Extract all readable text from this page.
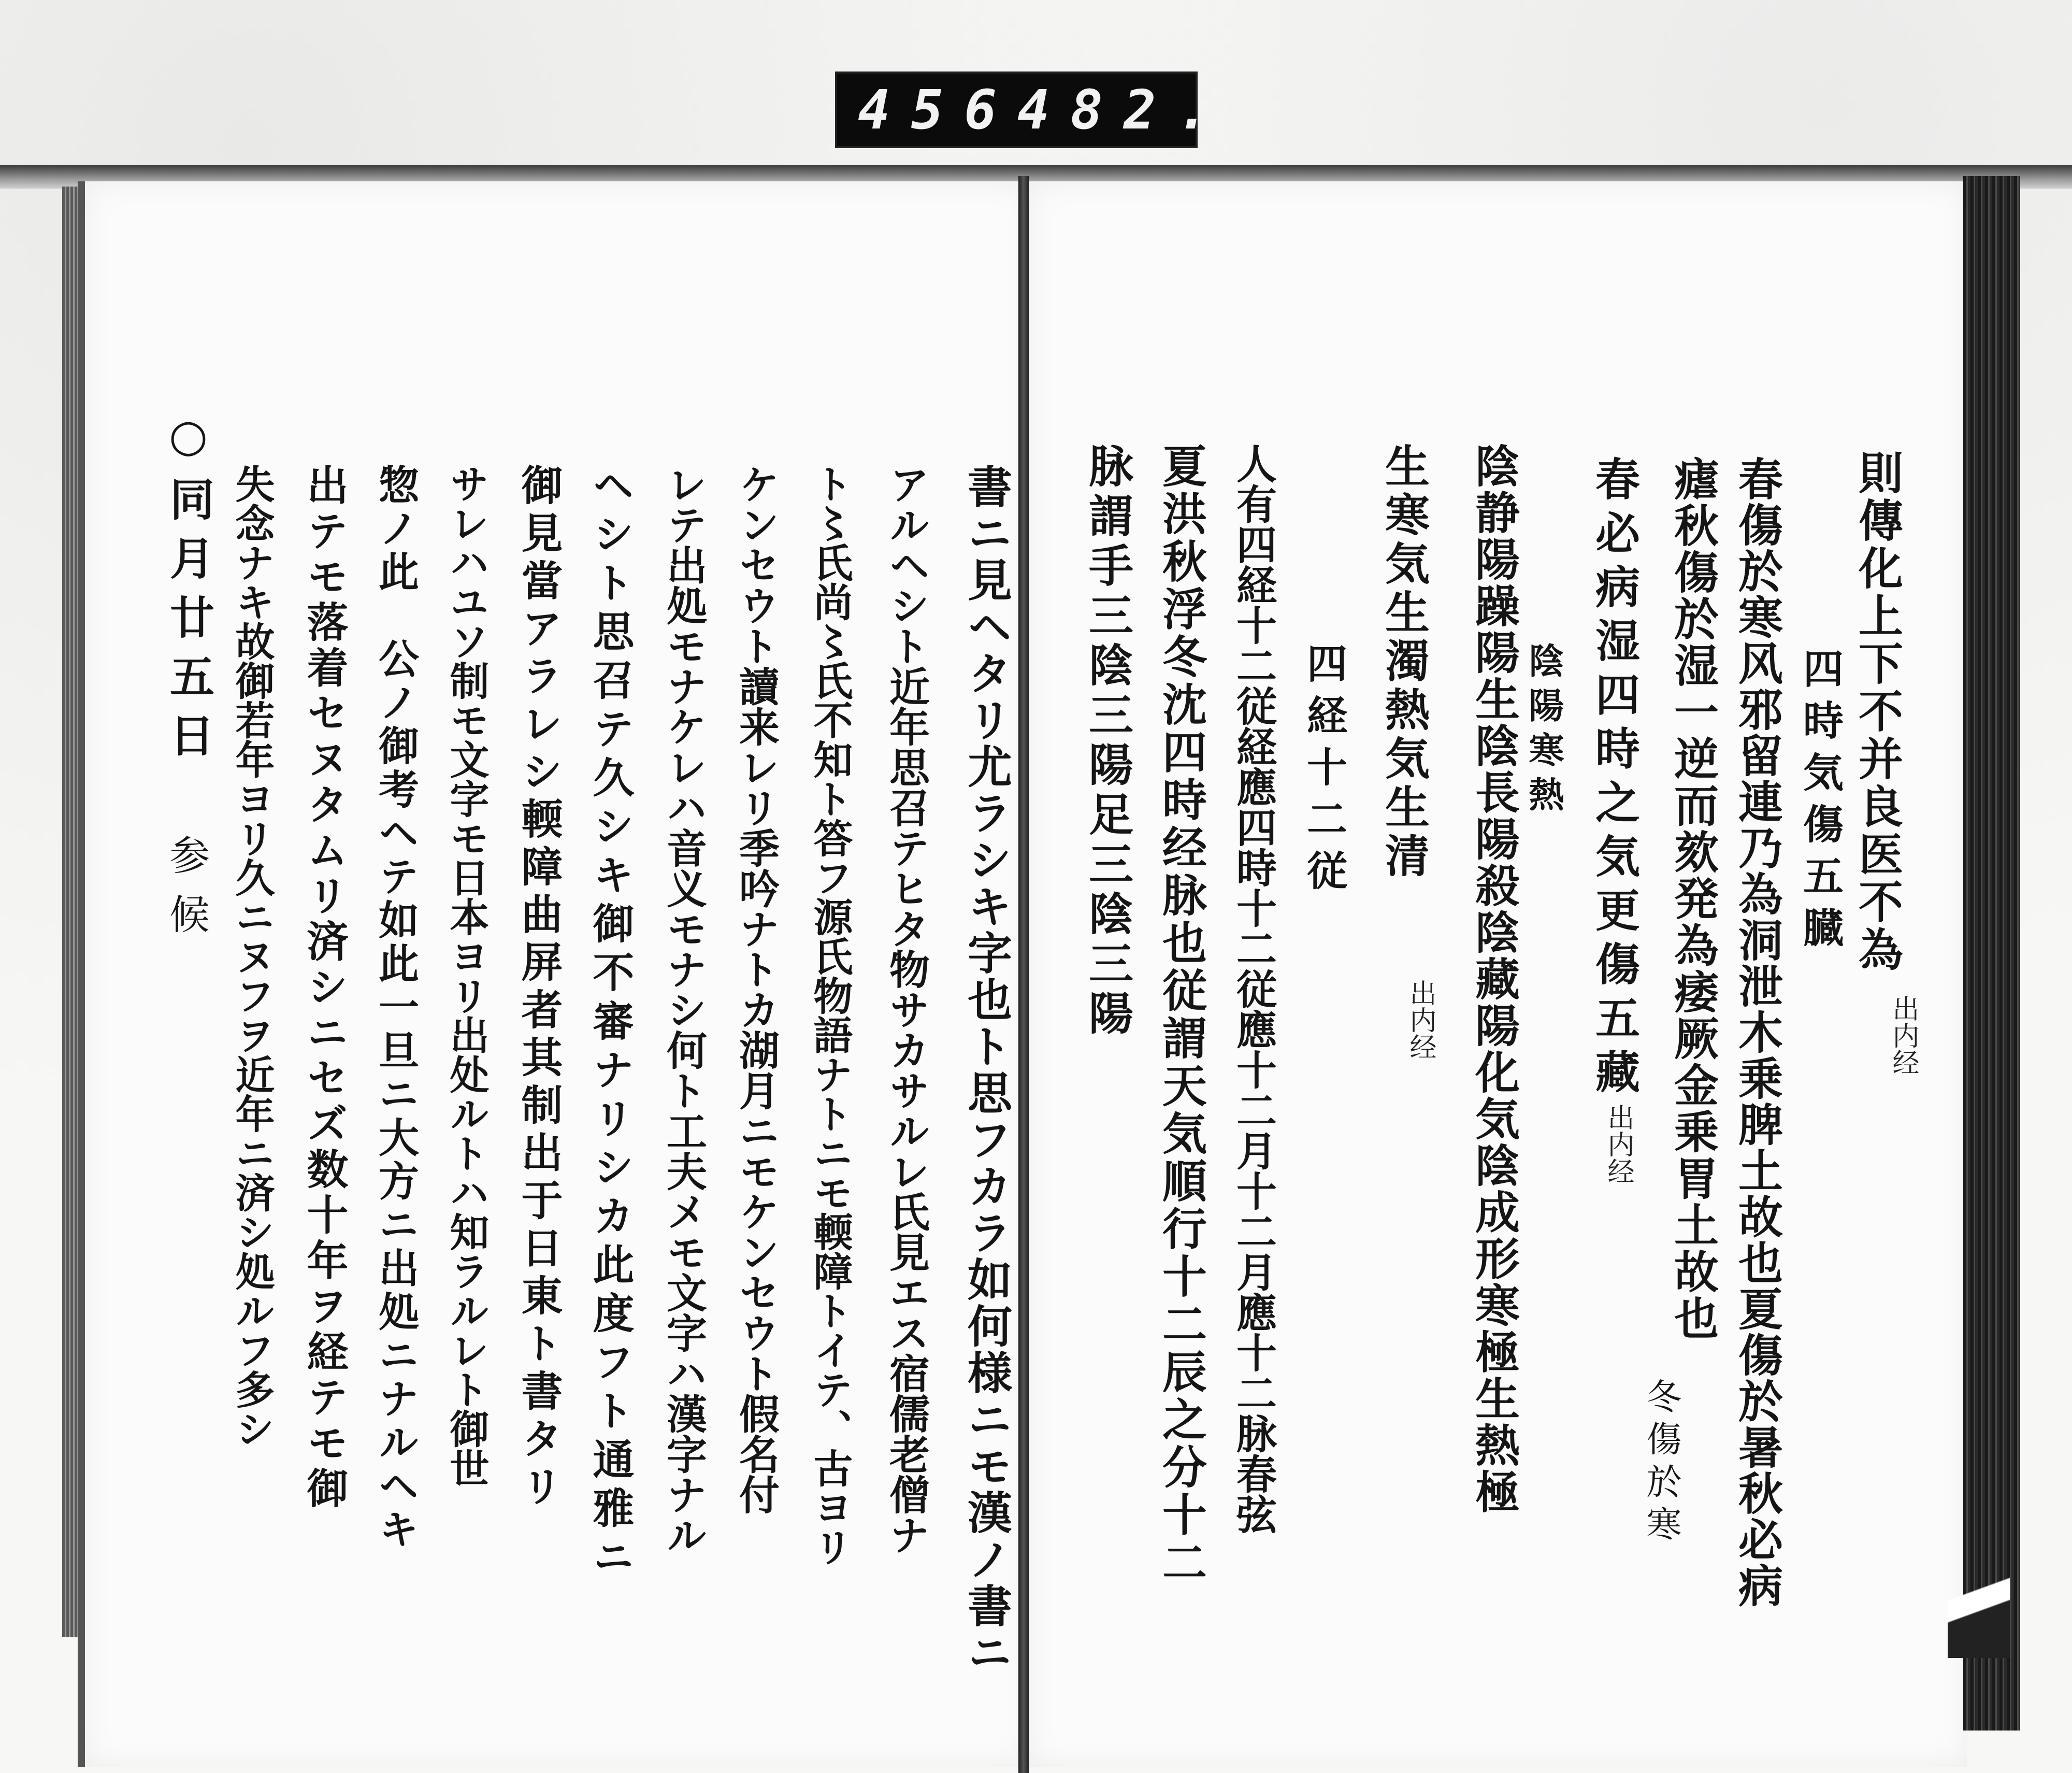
456 482.
則傳化上下不并良医不為
出内经
四時気傷五臓
春傷於寒风邪留連乃為洞泄木乗脾土故也夏傷於暑秋必病
瘧秋傷於湿一逆而欬発為痿厥金乗胃土故也
冬傷於寒
春必病湿四時之気更傷五藏
出内经
陰陽寒熱
陰静陽躁陽生陰長陽殺陰藏陽化気陰成形寒極生熱極
生寒気生濁熱気生清
出内经
四経十二従
人有四経十二従経應四時十二従應十二月十二月應十二脉春弦
夏洪秋浮冬沈四時经脉也従謂天気順行十二辰之分十二
脉謂手三陰三陽足三陰三陽
書ニ見ヘタリ尤ラシキ字也ト思フカラ如何様ニモ漢ノ書ニ
アルヘシト近年思召テヒタ物サカサルレ氏見エス宿儒老僧ナ
ト〻氏尚〻氏不知ト答フ源氏物語ナトニモ輭障トイテ、古ヨリ
ケンセウト讀来レリ季吟ナトカ湖月ニモケンセウト假名付
レテ出処モナケレハ音义モナシ何ト工夫メモ文字ハ漢字ナル
ヘシト思召テ久シキ御不審ナリシカ此度フト通雅ニ
御見當アラレシ輭障曲屏者其制出于日東ト書タリ
サレハユソ制モ文字モ日本ヨリ出处ルトハ知ラルレト御世
惣ノ此　公ノ御考ヘテ如此一旦ニ大方ニ出処ニナルヘキ
出テモ落着セヌタムリ済シニセズ数十年ヲ経テモ御
失念ナキ故御若年ヨリ久ニヌフヲ近年ニ済シ処ルフ多シ
○同月廿五日
参候
